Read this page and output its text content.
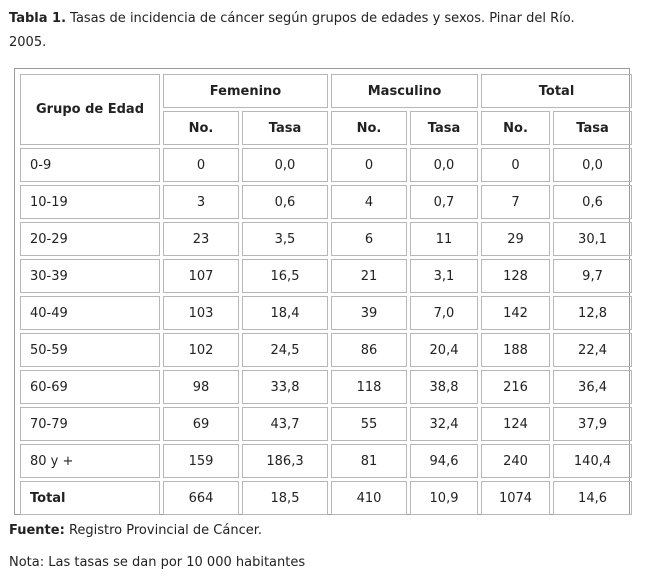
Tabla 1. Tasas de incidencia de cáncer según grupos de edades y sexos. Pinar del Río. 2005.
Grupo de Edad	Femenino		Masculino		Total	
	No.	Tasa	No.	Tasa	No.	Tasa
0-9	0	0,0	0	0,0	0	0,0
10-19	3	0,6	4	0,7	7	0,6
20-29	23	3,5	6	11	29	30,1
30-39	107	16,5	21	3,1	128	9,7
40-49	103	18,4	39	7,0	142	12,8
50-59	102	24,5	86	20,4	188	22,4
60-69	98	33,8	118	38,8	216	36,4
70-79	69	43,7	55	32,4	124	37,9
80 y +	159	186,3	81	94,6	240	140,4
Total	664	18,5	410	10,9	1074	14,6
Fuente: Registro Provincial de Cáncer.
Nota: Las tasas se dan por 10 000 habitantes
